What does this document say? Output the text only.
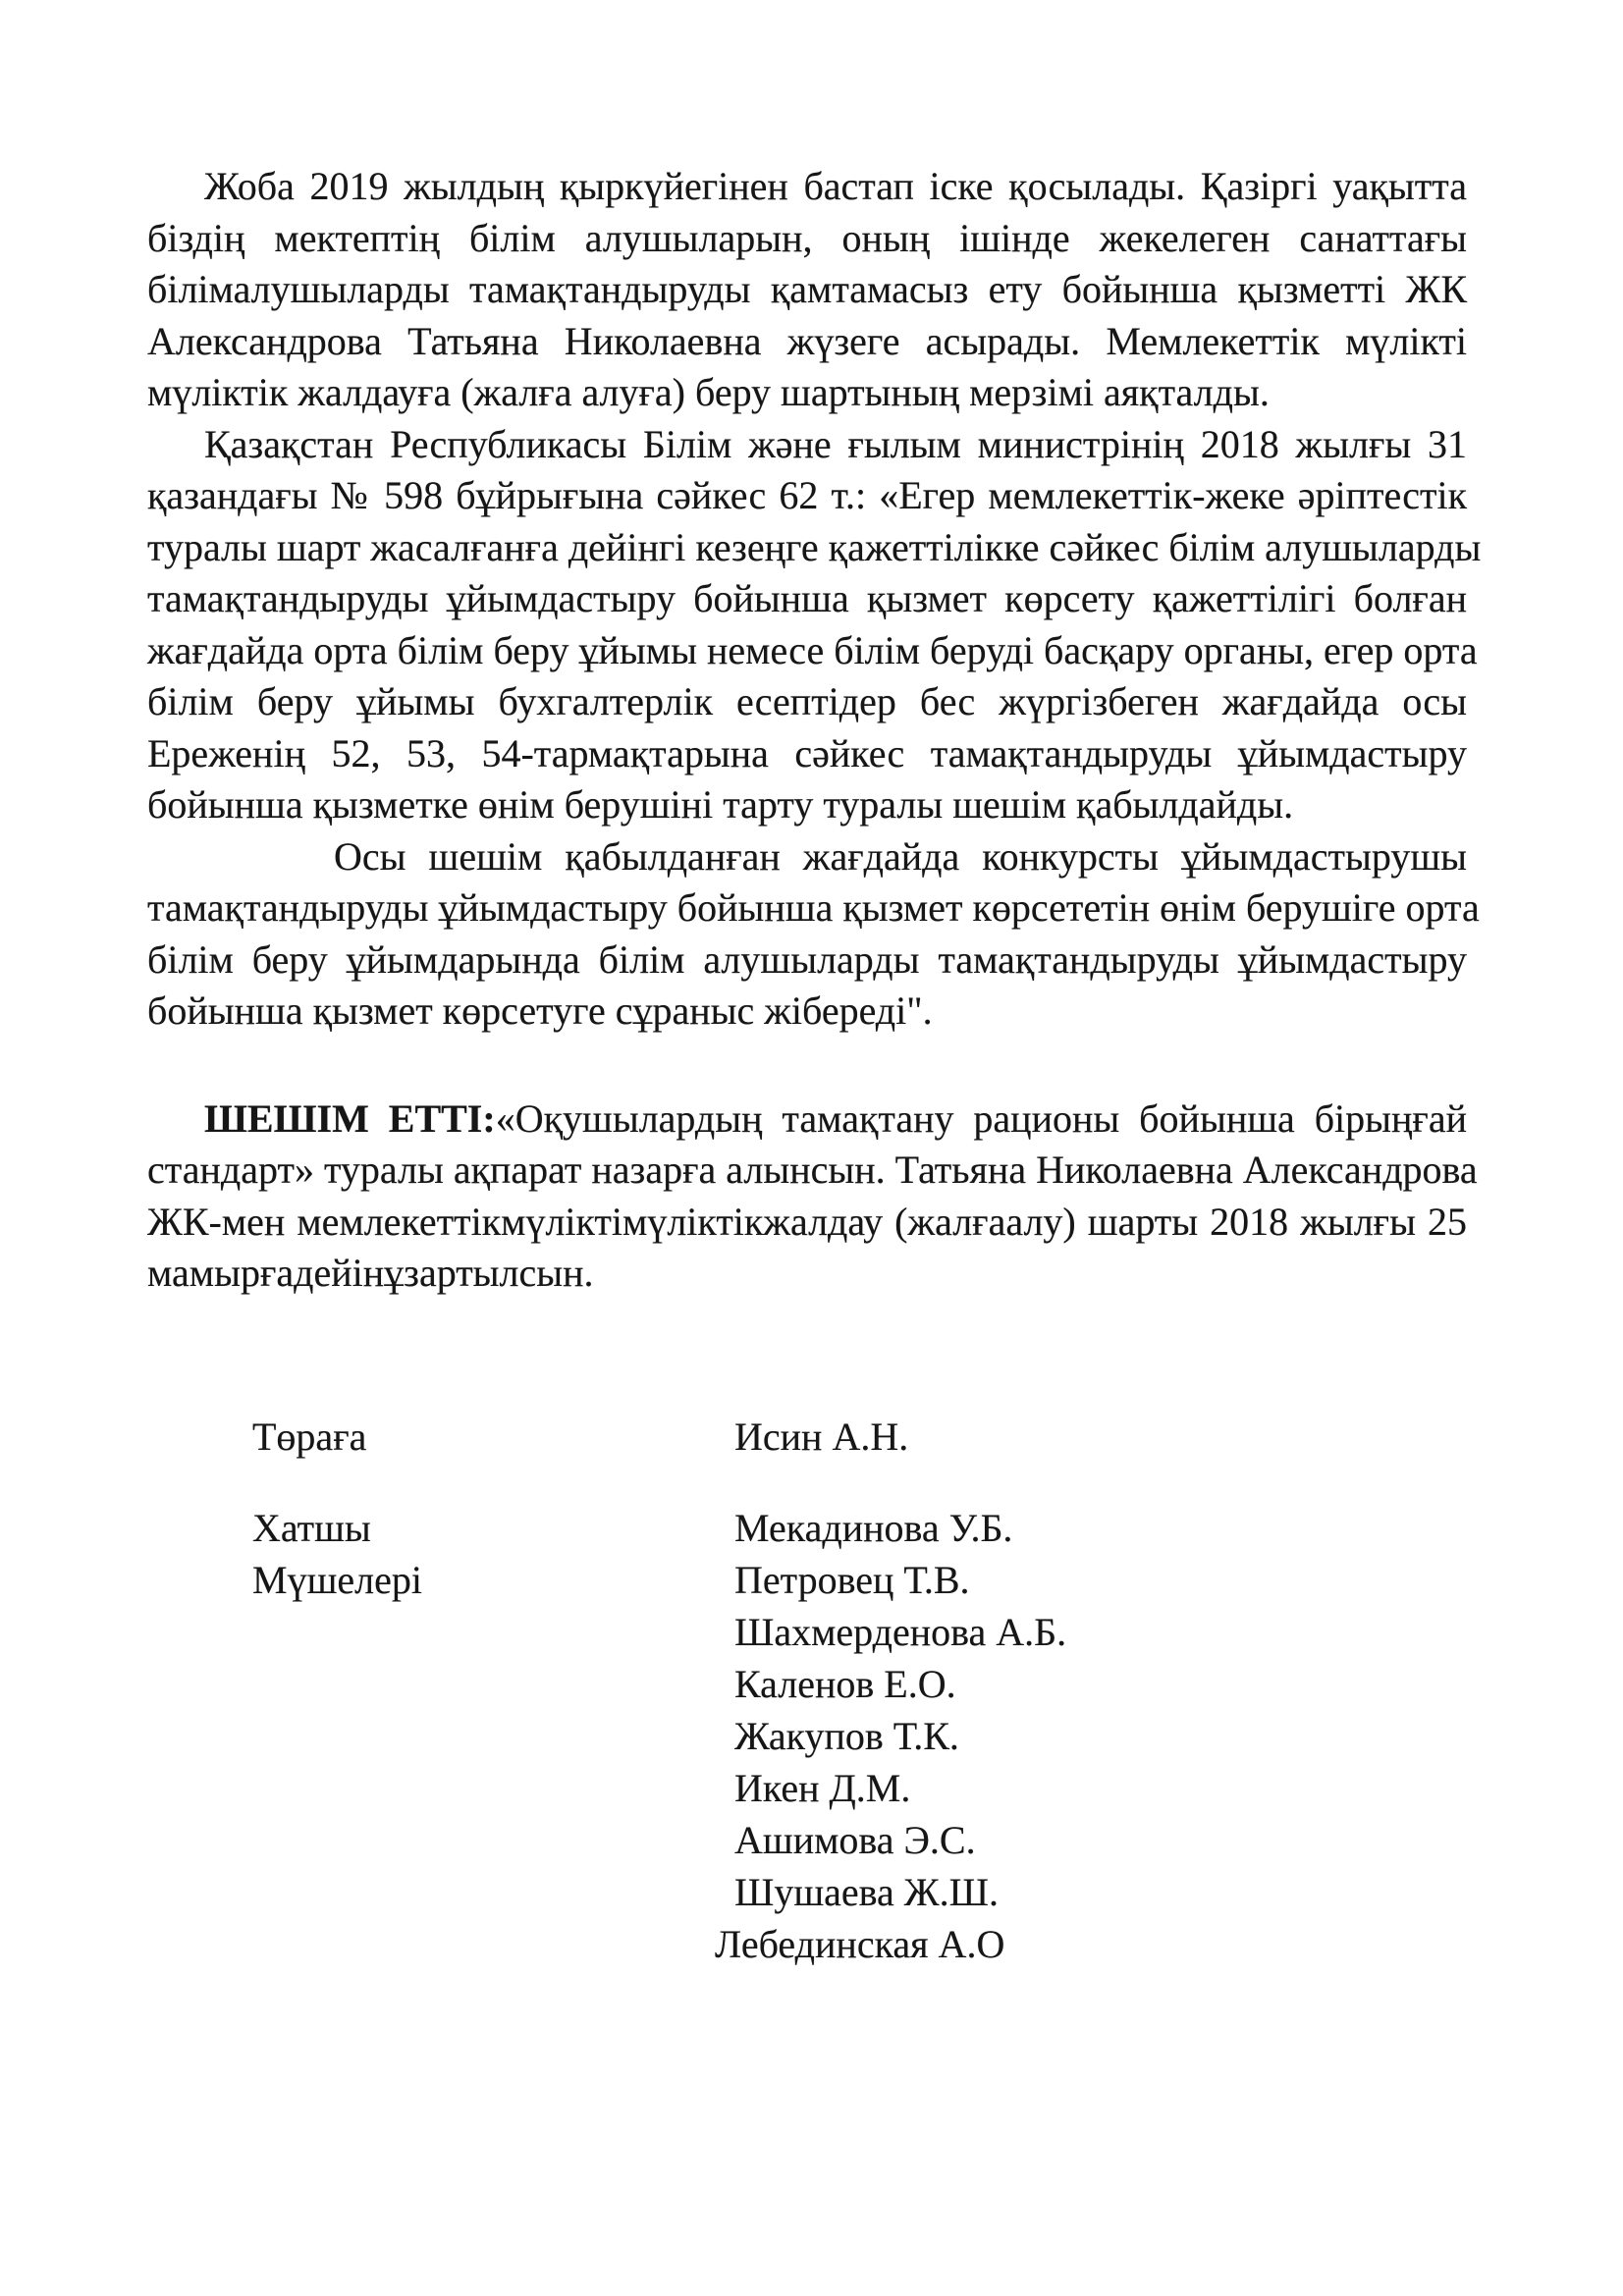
Жоба 2019 жылдың қыркүйегінен бастап іске қосылады. Қазіргі уақытта
біздің мектептің білім алушыларын, оның ішінде жекелеген санаттағы
білімалушыларды тамақтандыруды қамтамасыз ету бойынша қызметті ЖК
Александрова Татьяна Николаевна жүзеге асырады. Мемлекеттік мүлікті
мүліктік жалдауға (жалға алуға) беру шартының мерзімі аяқталды.
Қазақстан Республикасы Білім және ғылым министрінің 2018 жылғы 31
қазандағы № 598 бұйрығына сәйкес 62 т.: «Егер мемлекеттік-жеке әріптестік
туралы шарт жасалғанға дейінгі кезеңге қажеттілікке сәйкес білім алушыларды
тамақтандыруды ұйымдастыру бойынша қызмет көрсету қажеттілігі болған
жағдайда орта білім беру ұйымы немесе білім беруді басқару органы, егер орта
білім беру ұйымы бухгалтерлік есептідер бес жүргізбеген жағдайда осы
Ереженің 52, 53, 54-тармақтарына сәйкес тамақтандыруды ұйымдастыру
бойынша қызметке өнім берушіні тарту туралы шешім қабылдайды.
Осы шешім қабылданған жағдайда конкурсты ұйымдастырушы
тамақтандыруды ұйымдастыру бойынша қызмет көрсететін өнім берушіге орта
білім беру ұйымдарында білім алушыларды тамақтандыруды ұйымдастыру
бойынша қызмет көрсетуге сұраныс жібереді".
ШЕШІМ ЕТТІ:«Оқушылардың тамақтану рационы бойынша бірыңғай
стандарт» туралы ақпарат назарға алынсын. Татьяна Николаевна Александрова
ЖК-мен мемлекеттікмүліктімүліктікжалдау (жалғаалу) шарты 2018 жылғы 25
мамырғадейінұзартылсын.
Төраға	Исин А.Н.
Хатшы	Мекадинова У.Б.
Мүшелері	Петровец Т.В.
Шахмерденова А.Б.
Каленов Е.О.
Жакупов Т.К.
Икен Д.М.
Ашимова Э.С.
Шушаева Ж.Ш.
Лебединская А.О
